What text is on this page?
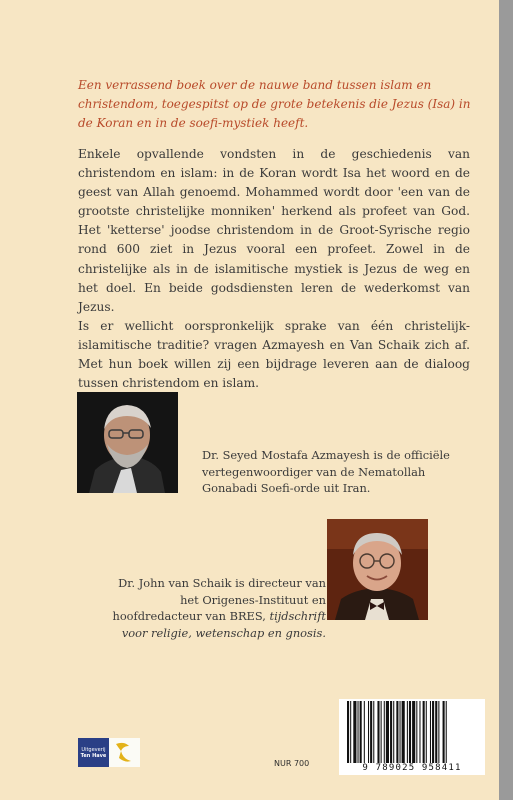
Een verrassend boek over de nauwe band tussen islam en christendom, toegespitst op de grote betekenis die Jezus (Isa) in de Koran en in de soefi-mystiek heeft.

Enkele opvallende vondsten in de geschiedenis van christendom en islam: in de Koran wordt Isa het woord en de geest van Allah genoemd. Mohammed wordt door 'een van de grootste christelijke monniken' herkend als profeet van God. Het 'ketterse' joodse christendom in de Groot-Syrische regio rond 600 ziet in Jezus vooral een profeet. Zowel in de christelijke als in de islamitische mystiek is Jezus de weg en het doel. En beide godsdiensten leren de wederkomst van Jezus.

Is er wellicht oorspronkelijk sprake van één christelijk-islamitische traditie? vragen Azmayesh en Van Schaik zich af. Met hun boek willen zij een bijdrage leveren aan de dialoog tussen christendom en islam.

Dr. Seyed Mostafa Azmayesh is de officiële vertegenwoordiger van de Nematollah Gonabadi Soefi-orde uit Iran.

Dr. John van Schaik is directeur van het Origenes-Instituut en hoofdredacteur van BRES, tijdschrift voor religie, wetenschap en gnosis.

Uitgeverij
Ten Have
NUR 700	9 789025 958411
